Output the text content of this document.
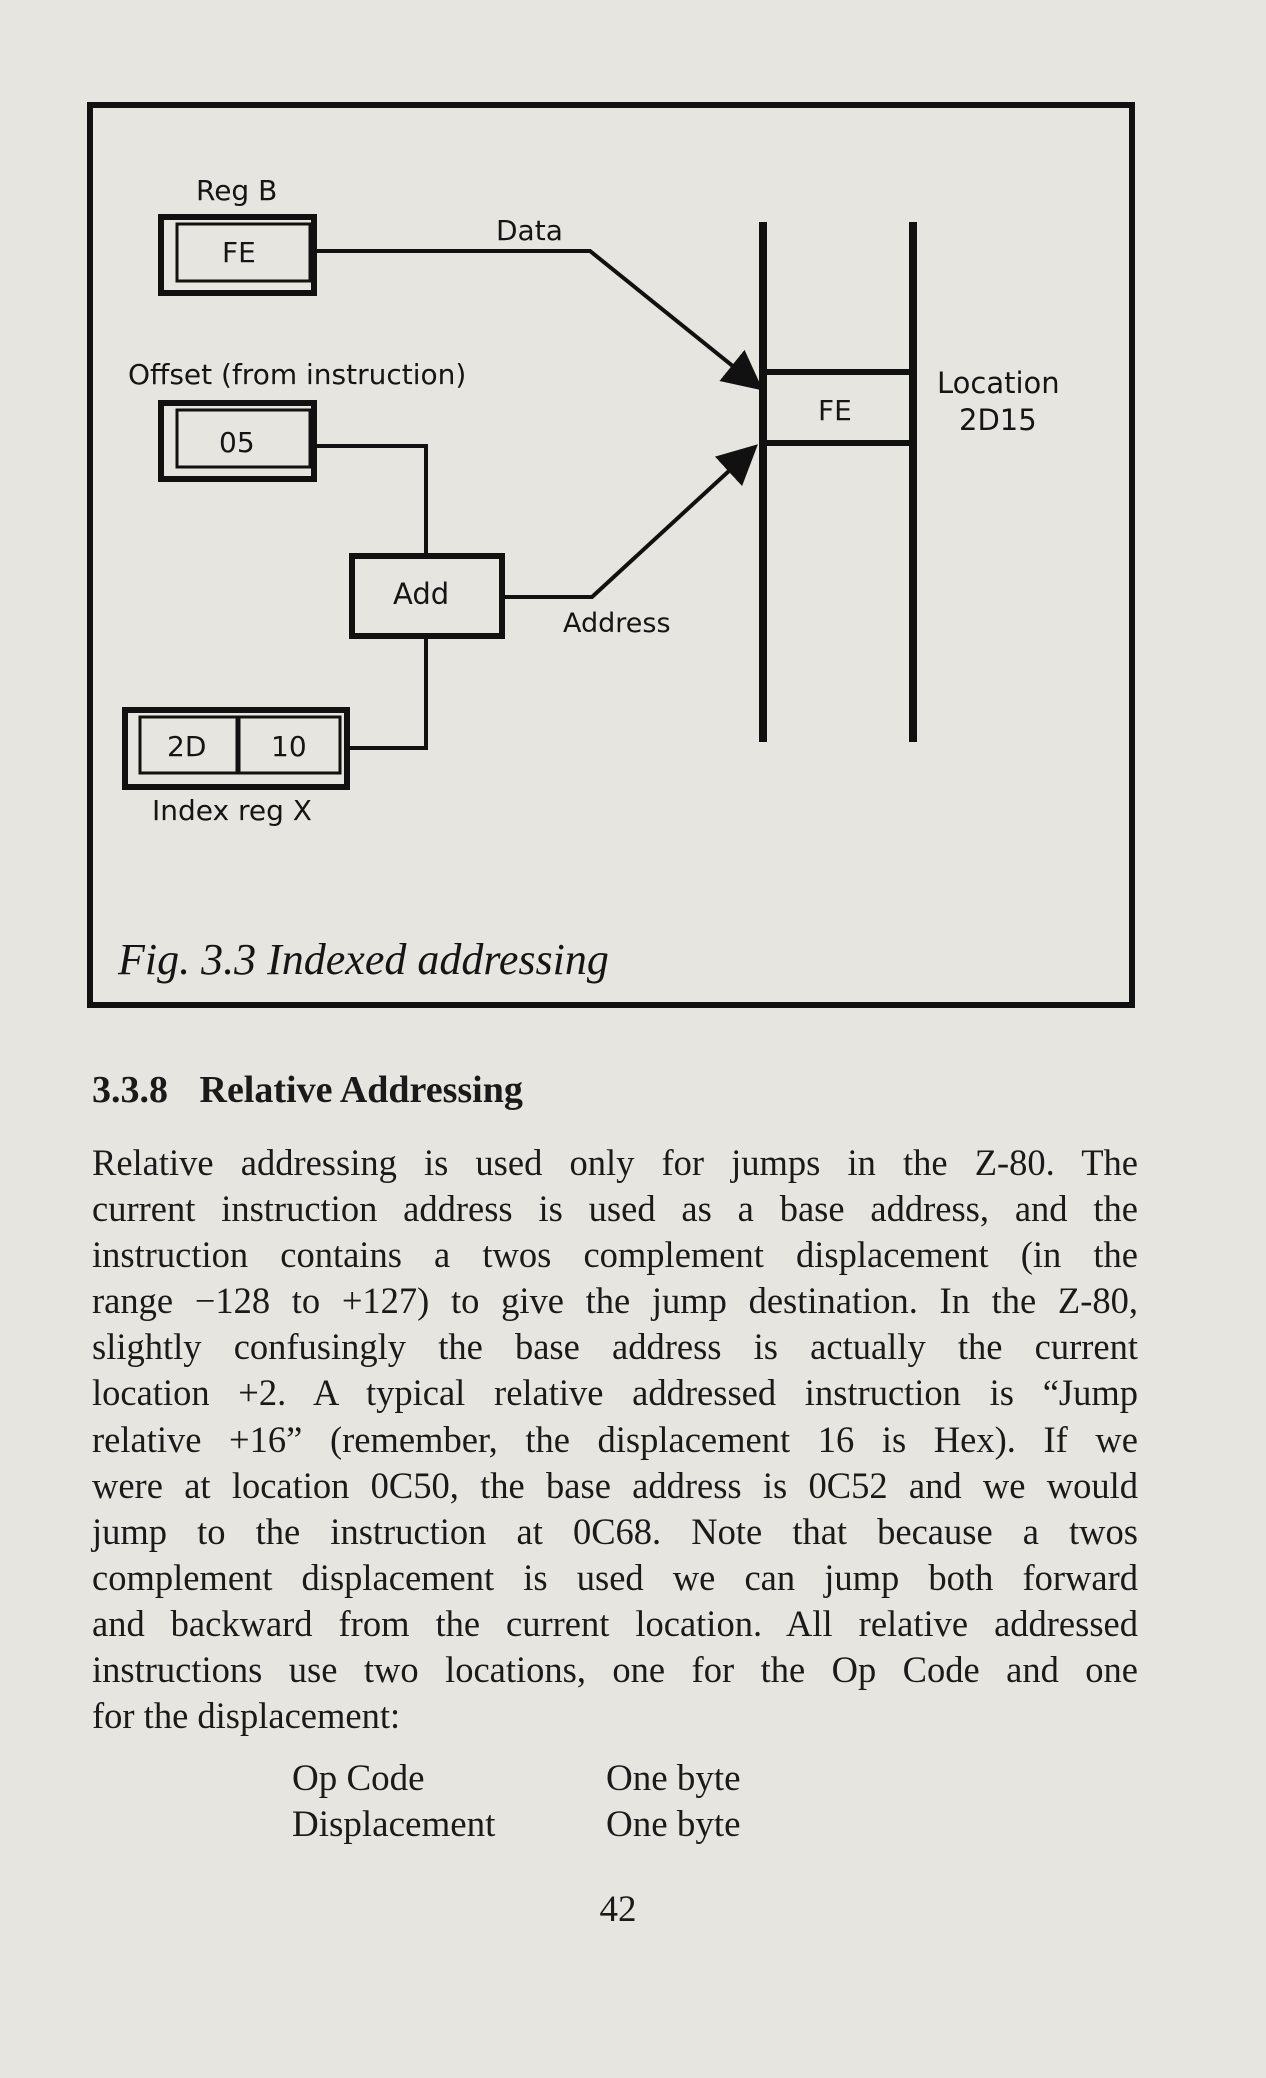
Reg B
FE
Data
Offset (from instruction)
05
Add
Address
2D 10
Index reg X
FE
Location
2D15
Fig. 3.3 Indexed addressing
3.3.8 Relative Addressing
Relative addressing is used only for jumps in the Z-80. The
current instruction address is used as a base address, and the
instruction contains a twos complement displacement (in the
range −128 to +127) to give the jump destination. In the Z-80,
slightly confusingly the base address is actually the current
location +2. A typical relative addressed instruction is “Jump
relative +16” (remember, the displacement 16 is Hex). If we
were at location 0C50, the base address is 0C52 and we would
jump to the instruction at 0C68. Note that because a twos
complement displacement is used we can jump both forward
and backward from the current location. All relative addressed
instructions use two locations, one for the Op Code and one
for the displacement:
Op Code	One byte
Displacement	One byte
42
